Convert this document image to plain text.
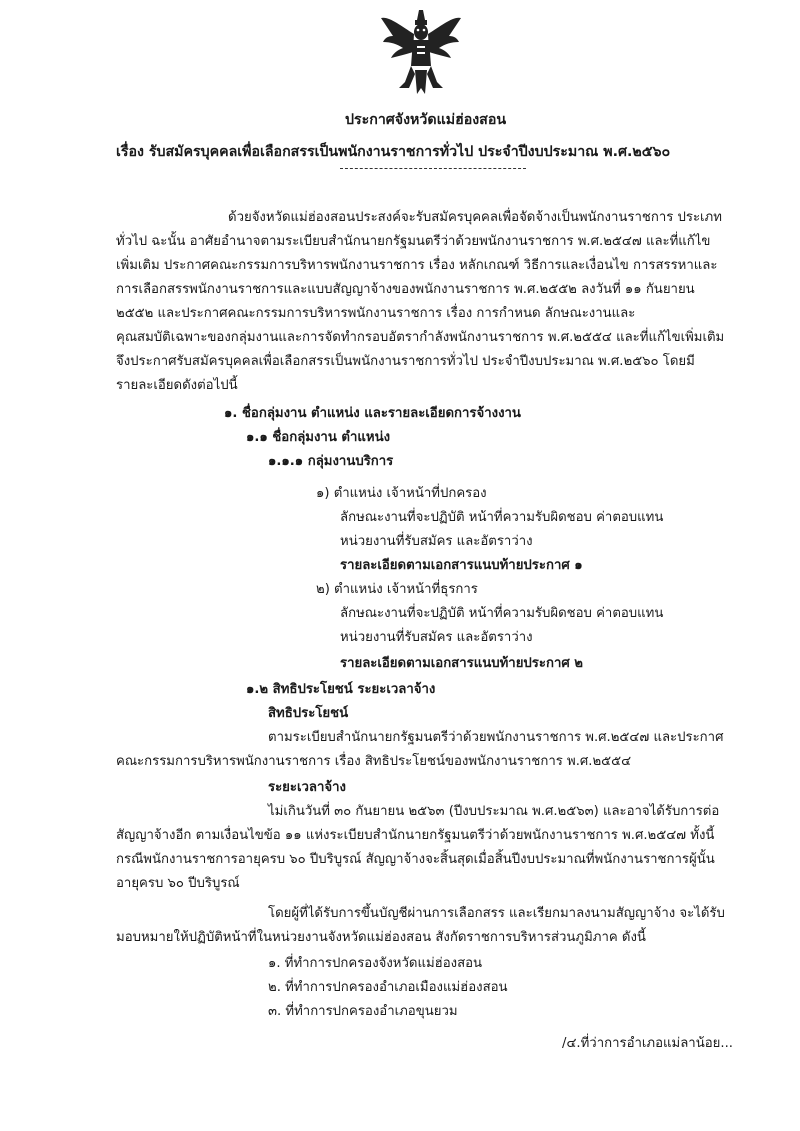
ประกาศจังหวัดแม่ฮ่องสอน
เรื่อง รับสมัครบุคคลเพื่อเลือกสรรเป็นพนักงานราชการทั่วไป ประจำปีงบประมาณ พ.ศ.๒๕๖๐
ด้วยจังหวัดแม่ฮ่องสอนประสงค์จะรับสมัครบุคคลเพื่อจัดจ้างเป็นพนักงานราชการ ประเภท
ทั่วไป ฉะนั้น อาศัยอำนาจตามระเบียบสำนักนายกรัฐมนตรีว่าด้วยพนักงานราชการ พ.ศ.๒๕๔๗ และที่แก้ไข
เพิ่มเติม ประกาศคณะกรรมการบริหารพนักงานราชการ เรื่อง หลักเกณฑ์ วิธีการและเงื่อนไข การสรรหาและ
การเลือกสรรพนักงานราชการและแบบสัญญาจ้างของพนักงานราชการ พ.ศ.๒๕๕๒ ลงวันที่ ๑๑ กันยายน
๒๕๕๒ และประกาศคณะกรรมการบริหารพนักงานราชการ เรื่อง การกำหนด ลักษณะงานและ
คุณสมบัติเฉพาะของกลุ่มงานและการจัดทำกรอบอัตรากำลังพนักงานราชการ พ.ศ.๒๕๕๔ และที่แก้ไขเพิ่มเติม
จึงประกาศรับสมัครบุคคลเพื่อเลือกสรรเป็นพนักงานราชการทั่วไป ประจำปีงบประมาณ พ.ศ.๒๕๖๐ โดยมี
รายละเอียดดังต่อไปนี้
๑. ชื่อกลุ่มงาน ตำแหน่ง และรายละเอียดการจ้างงาน
๑.๑ ชื่อกลุ่มงาน ตำแหน่ง
๑.๑.๑ กลุ่มงานบริการ
๑) ตำแหน่ง เจ้าหน้าที่ปกครอง
ลักษณะงานที่จะปฏิบัติ หน้าที่ความรับผิดชอบ ค่าตอบแทน
หน่วยงานที่รับสมัคร และอัตราว่าง
รายละเอียดตามเอกสารแนบท้ายประกาศ ๑
๒) ตำแหน่ง เจ้าหน้าที่ธุรการ
ลักษณะงานที่จะปฏิบัติ หน้าที่ความรับผิดชอบ ค่าตอบแทน
หน่วยงานที่รับสมัคร และอัตราว่าง
รายละเอียดตามเอกสารแนบท้ายประกาศ ๒
๑.๒ สิทธิประโยชน์ ระยะเวลาจ้าง
สิทธิประโยชน์
ตามระเบียบสำนักนายกรัฐมนตรีว่าด้วยพนักงานราชการ พ.ศ.๒๕๔๗ และประกาศ
คณะกรรมการบริหารพนักงานราชการ เรื่อง สิทธิประโยชน์ของพนักงานราชการ พ.ศ.๒๕๕๔
ระยะเวลาจ้าง
ไม่เกินวันที่ ๓๐ กันยายน ๒๕๖๓ (ปีงบประมาณ พ.ศ.๒๕๖๓) และอาจได้รับการต่อ
สัญญาจ้างอีก ตามเงื่อนไขข้อ ๑๑ แห่งระเบียบสำนักนายกรัฐมนตรีว่าด้วยพนักงานราชการ พ.ศ.๒๕๔๗ ทั้งนี้
กรณีพนักงานราชการอายุครบ ๖๐ ปีบริบูรณ์ สัญญาจ้างจะสิ้นสุดเมื่อสิ้นปีงบประมาณที่พนักงานราชการผู้นั้น
อายุครบ ๖๐ ปีบริบูรณ์
โดยผู้ที่ได้รับการขึ้นบัญชีผ่านการเลือกสรร และเรียกมาลงนามสัญญาจ้าง จะได้รับ
มอบหมายให้ปฏิบัติหน้าที่ในหน่วยงานจังหวัดแม่ฮ่องสอน สังกัดราชการบริหารส่วนภูมิภาค ดังนี้
๑. ที่ทำการปกครองจังหวัดแม่ฮ่องสอน
๒. ที่ทำการปกครองอำเภอเมืองแม่ฮ่องสอน
๓. ที่ทำการปกครองอำเภอขุนยวม
/๔.ที่ว่าการอำเภอแม่ลาน้อย...
